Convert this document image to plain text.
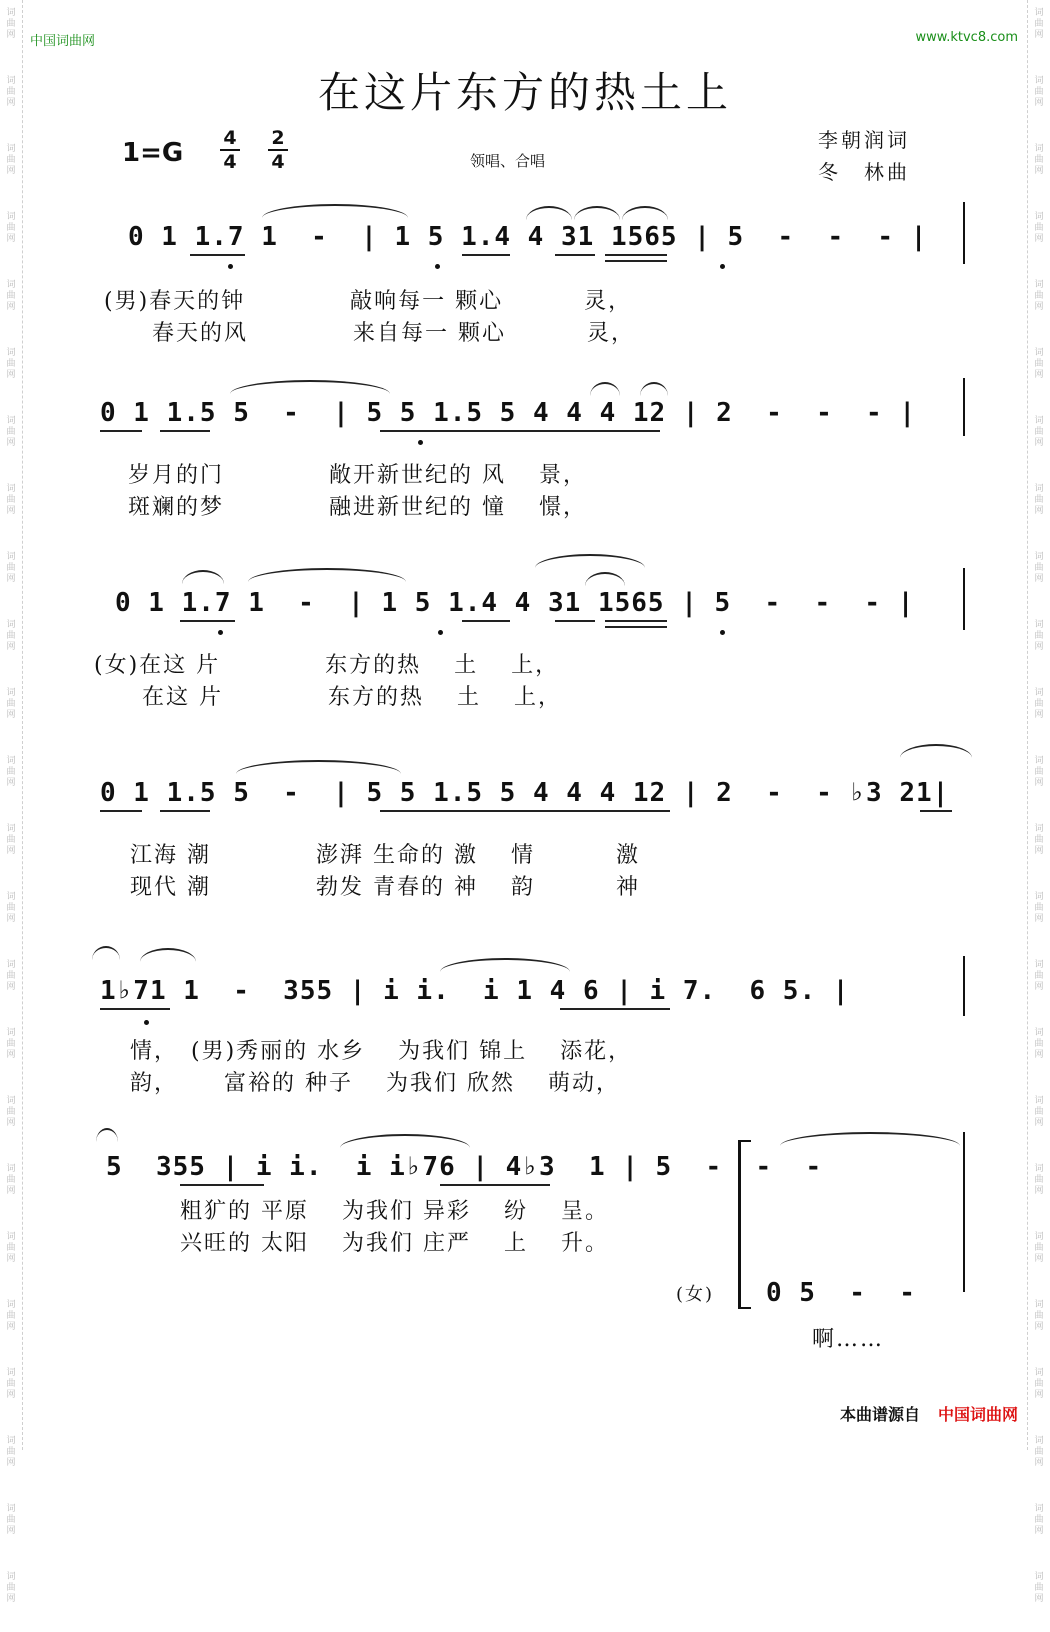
词
曲
网
词
曲
网
词
曲
网
词
曲
网
词
曲
网
词
曲
网
词
曲
网
词
曲
网
词
曲
网
词
曲
网
词
曲
网
词
曲
网
词
曲
网
词
曲
网
词
曲
网
词
曲
网
词
曲
网
词
曲
网
词
曲
网
词
曲
网
词
曲
网
词
曲
网
词
曲
网
词
曲
网
词
曲
网
词
曲
网
词
曲
网
词
曲
网
词
曲
网
词
曲
网
词
曲
网
词
曲
网
词
曲
网
词
曲
网
词
曲
网
词
曲
网
词
曲
网
词
曲
网
词
曲
网
词
曲
网
词
曲
网
词
曲
网
词
曲
网
词
曲
网
词
曲
网
词
曲
网
词
曲
网
词
曲
网
中国词曲网	www.ktvc8.com
在这片东方的热土上
1=G 4
4
2
4	领唱、合唱
李朝润词
冬　林曲
0 1 1.7 1  -  | 1 5 1.4 4 31 1565 | 5  -  -  - |
(男)春天的钟　　　　 敲响每一 颗心　　　 灵，
　　春天的风　　　　 来自每一 颗心　　　 灵，
0 1 1.5 5  -  | 5 5 1.5 5 4 4 4 12 | 2  -  -  - |
岁月的门　　　　 敞开新世纪的 风　 景，
斑斓的梦　　　　 融进新世纪的 憧　 憬，
0 1 1.7 1  -  | 1 5 1.4 4 31 1565 | 5  -  -  - |
(女)在这 片　　　　 东方的热　 土　 上，
　　在这 片　　　　 东方的热　 土　 上，
0 1 1.5 5  -  | 5 5 1.5 5 4 4 4 12 | 2  -  - ♭3 21|
江海 潮　　　　 澎湃 生命的 激　 情　　　 激
现代 潮　　　　 勃发 青春的 神　 韵　　　 神
1♭71 1  -  355 | i i.  i 1 4 6 | i 7.  6 5. |
情，　(男)秀丽的 水乡　 为我们 锦上　 添花，
韵，　　 富裕的 种子　 为我们 欣然　 萌动，
5  355 | i i.  i i♭76 | 4♭3  1 | 5  -  -  -
粗犷的 平原　 为我们 异彩　 纷　 呈。
兴旺的 太阳　 为我们 庄严　 上　 升。
(女) 0 5  -  -
啊……
本曲谱源自 中国词曲网
